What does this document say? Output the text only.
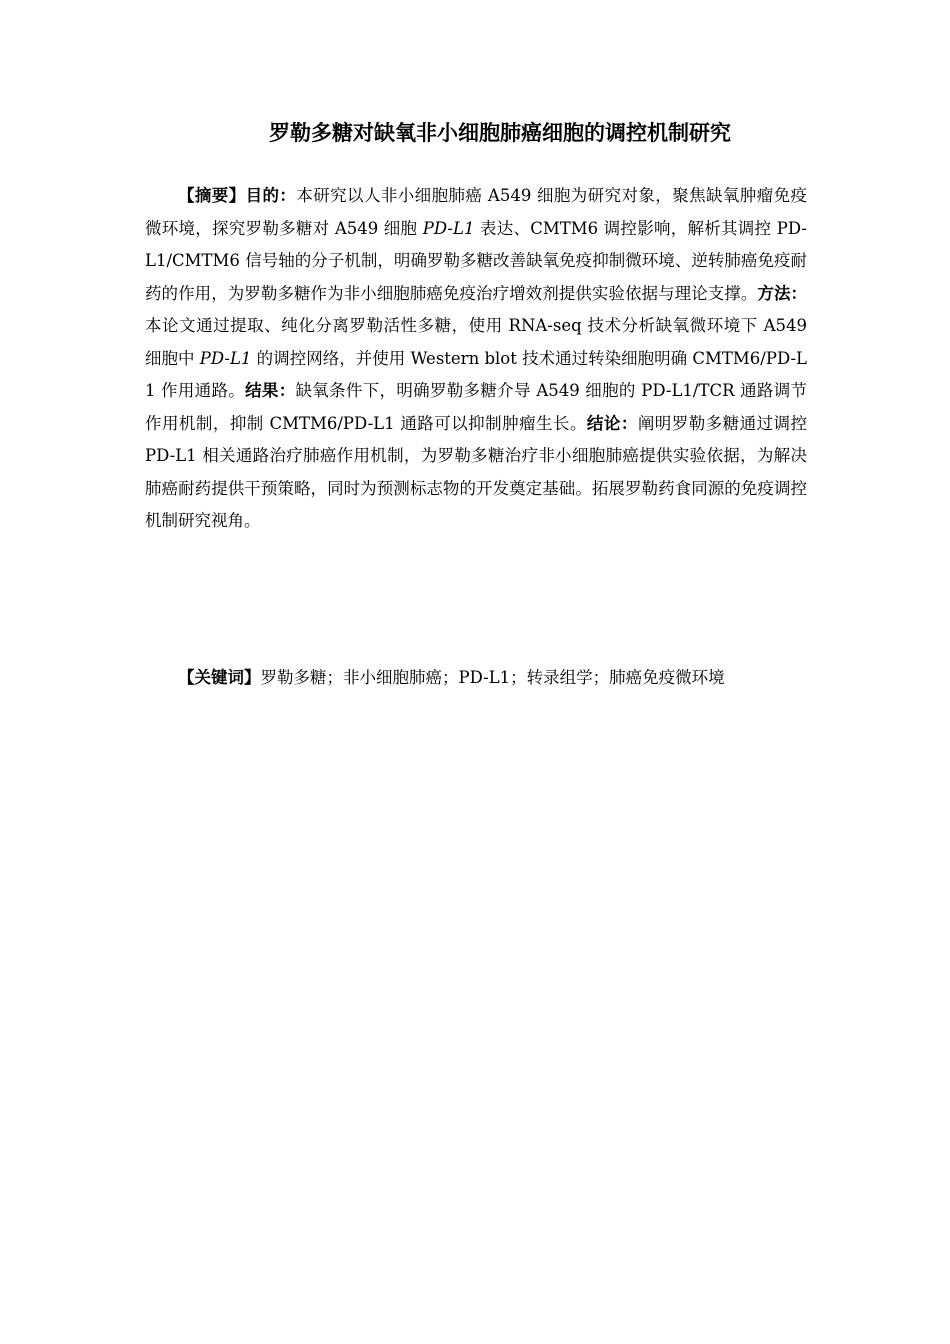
罗勒多糖对缺氧非小细胞肺癌细胞的调控机制研究

【摘要】目的：本研究以人非小细胞肺癌 A549 细胞为研究对象，聚焦缺氧肿瘤免疫微环境，探究罗勒多糖对 A549 细胞 PD-L1 表达、CMTM6 调控影响，解析其调控 PD-L1/CMTM6 信号轴的分子机制，明确罗勒多糖改善缺氧免疫抑制微环境、逆转肺癌免疫耐药的作用，为罗勒多糖作为非小细胞肺癌免疫治疗增效剂提供实验依据与理论支撑。方法：本论文通过提取、纯化分离罗勒活性多糖，使用 RNA-seq 技术分析缺氧微环境下 A549 细胞中 PD-L1 的调控网络，并使用 Western blot 技术通过转染细胞明确 CMTM6/PD-L1 作用通路。结果：缺氧条件下，明确罗勒多糖介导 A549 细胞的 PD-L1/TCR 通路调节作用机制，抑制 CMTM6/PD-L1 通路可以抑制肿瘤生长。结论：阐明罗勒多糖通过调控 PD-L1 相关通路治疗肺癌作用机制，为罗勒多糖治疗非小细胞肺癌提供实验依据，为解决肺癌耐药提供干预策略，同时为预测标志物的开发奠定基础。拓展罗勒药食同源的免疫调控机制研究视角。

【关键词】罗勒多糖；非小细胞肺癌；PD-L1；转录组学；肺癌免疫微环境
